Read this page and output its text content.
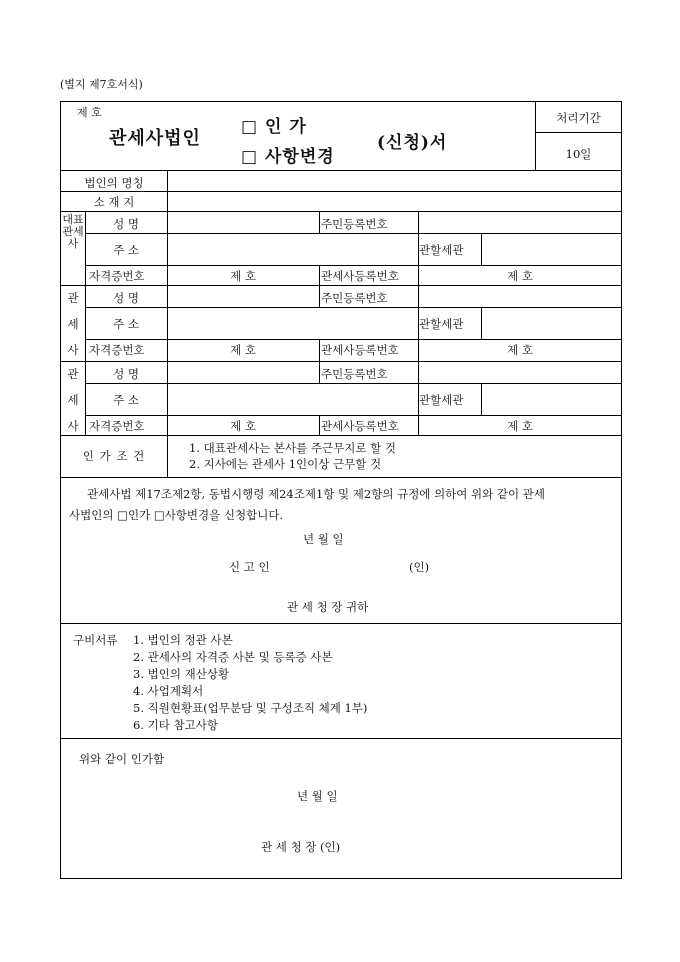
(별지 제7호서식)
제 호
관세사법인
□ 인 가
□ 사항변경
(신청)서
처리기간
10일
법인의 명칭
소 재 지
대표관세사
성 명	주민등록번호
주 소	관할세관
자격증번호	제 호	관세사등록번호	제 호
관
세
사
성 명	주민등록번호
주 소	관할세관
자격증번호	제 호	관세사등록번호	제 호
관
세
사
성 명	주민등록번호
주 소	관할세관
자격증번호	제 호	관세사등록번호	제 호
인 가 조 건
1. 대표관세사는 본사를 주근무지로 할 것
2. 지사에는 관세사 1인이상 근무할 것
관세사법 제17조제2항, 동법시행령 제24조제1항 및 제2항의 규정에 의하여 위와 같이 관세
사법인의 □인가 □사항변경을 신청합니다.
년 월 일
신 고 인	(인)
관 세 청 장 귀하
구비서류 1. 법인의 정관 사본
2. 관세사의 자격증 사본 및 등록증 사본
3. 법인의 재산상황
4. 사업계획서
5. 직원현황표(업무분담 및 구성조직 체계 1부)
6. 기타 참고사항
위와 같이 인가함
년 월 일
관 세 청 장 (인)
